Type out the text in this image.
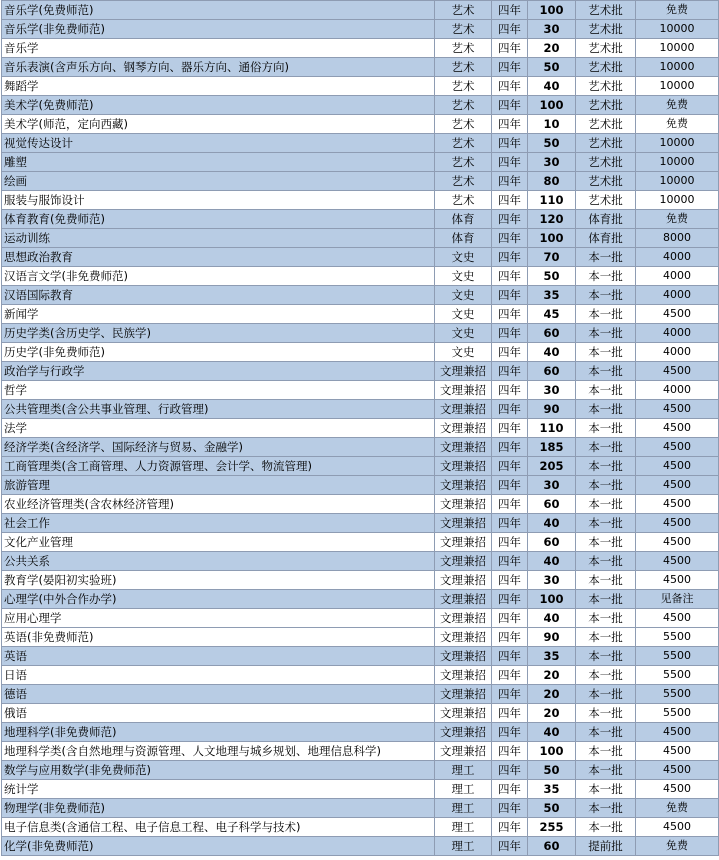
音乐学(免费师范)	艺术	四年	100	艺术批	免费
音乐学(非免费师范)	艺术	四年	30	艺术批	10000
音乐学	艺术	四年	20	艺术批	10000
音乐表演(含声乐方向、钢琴方向、器乐方向、通俗方向)	艺术	四年	50	艺术批	10000
舞蹈学	艺术	四年	40	艺术批	10000
美术学(免费师范)	艺术	四年	100	艺术批	免费
美术学(师范，定向西藏)	艺术	四年	10	艺术批	免费
视觉传达设计	艺术	四年	50	艺术批	10000
雕塑	艺术	四年	30	艺术批	10000
绘画	艺术	四年	80	艺术批	10000
服装与服饰设计	艺术	四年	110	艺术批	10000
体育教育(免费师范)	体育	四年	120	体育批	免费
运动训练	体育	四年	100	体育批	8000
思想政治教育	文史	四年	70	本一批	4000
汉语言文学(非免费师范)	文史	四年	50	本一批	4000
汉语国际教育	文史	四年	35	本一批	4000
新闻学	文史	四年	45	本一批	4500
历史学类(含历史学、民族学)	文史	四年	60	本一批	4000
历史学(非免费师范)	文史	四年	40	本一批	4000
政治学与行政学	文理兼招	四年	60	本一批	4500
哲学	文理兼招	四年	30	本一批	4000
公共管理类(含公共事业管理、行政管理)	文理兼招	四年	90	本一批	4500
法学	文理兼招	四年	110	本一批	4500
经济学类(含经济学、国际经济与贸易、金融学)	文理兼招	四年	185	本一批	4500
工商管理类(含工商管理、人力资源管理、会计学、物流管理)	文理兼招	四年	205	本一批	4500
旅游管理	文理兼招	四年	30	本一批	4500
农业经济管理类(含农林经济管理)	文理兼招	四年	60	本一批	4500
社会工作	文理兼招	四年	40	本一批	4500
文化产业管理	文理兼招	四年	60	本一批	4500
公共关系	文理兼招	四年	40	本一批	4500
教育学(晏阳初实验班)	文理兼招	四年	30	本一批	4500
心理学(中外合作办学)	文理兼招	四年	100	本一批	见备注
应用心理学	文理兼招	四年	40	本一批	4500
英语(非免费师范)	文理兼招	四年	90	本一批	5500
英语	文理兼招	四年	35	本一批	5500
日语	文理兼招	四年	20	本一批	5500
德语	文理兼招	四年	20	本一批	5500
俄语	文理兼招	四年	20	本一批	5500
地理科学(非免费师范)	文理兼招	四年	40	本一批	4500
地理科学类(含自然地理与资源管理、人文地理与城乡规划、地理信息科学)	文理兼招	四年	100	本一批	4500
数学与应用数学(非免费师范)	理工	四年	50	本一批	4500
统计学	理工	四年	35	本一批	4500
物理学(非免费师范)	理工	四年	50	本一批	免费
电子信息类(含通信工程、电子信息工程、电子科学与技术)	理工	四年	255	本一批	4500
化学(非免费师范)	理工	四年	60	提前批	免费
